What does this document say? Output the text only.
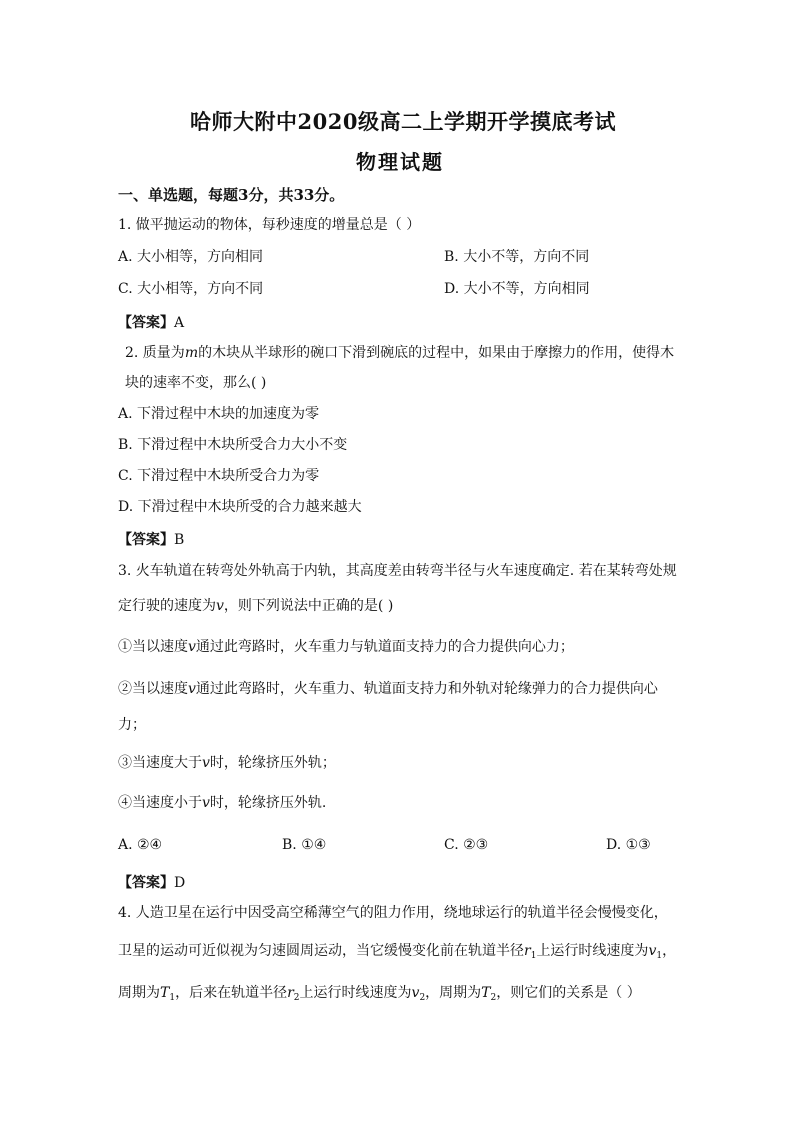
哈师大附中2020级高二上学期开学摸底考试
物理试题
一、单选题，每题3分，共33分。
1. 做平抛运动的物体，每秒速度的增量总是（ ）
A. 大小相等，方向相同	B. 大小不等，方向不同
C. 大小相等，方向不同	D. 大小不等，方向相同
【答案】A
2. 质量为m的木块从半球形的碗口下滑到碗底的过程中，如果由于摩擦力的作用，使得木
块的速率不变，那么( )
A. 下滑过程中木块的加速度为零
B. 下滑过程中木块所受合力大小不变
C. 下滑过程中木块所受合力为零
D. 下滑过程中木块所受的合力越来越大
【答案】B
3. 火车轨道在转弯处外轨高于内轨，其高度差由转弯半径与火车速度确定. 若在某转弯处规
定行驶的速度为v，则下列说法中正确的是( )
①当以速度v通过此弯路时，火车重力与轨道面支持力的合力提供向心力；
②当以速度v通过此弯路时，火车重力、轨道面支持力和外轨对轮缘弹力的合力提供向心
力；
③当速度大于v时，轮缘挤压外轨；
④当速度小于v时，轮缘挤压外轨.
A. ②④	B. ①④	C. ②③	D. ①③
【答案】D
4. 人造卫星在运行中因受高空稀薄空气的阻力作用，绕地球运行的轨道半径会慢慢变化，
卫星的运动可近似视为匀速圆周运动，当它缓慢变化前在轨道半径$r_1$上运行时线速度为$v_1$，
周期为$T_1$，后来在轨道半径$r_2$上运行时线速度为$v_2$，周期为$T_2$，则它们的关系是（ ）
